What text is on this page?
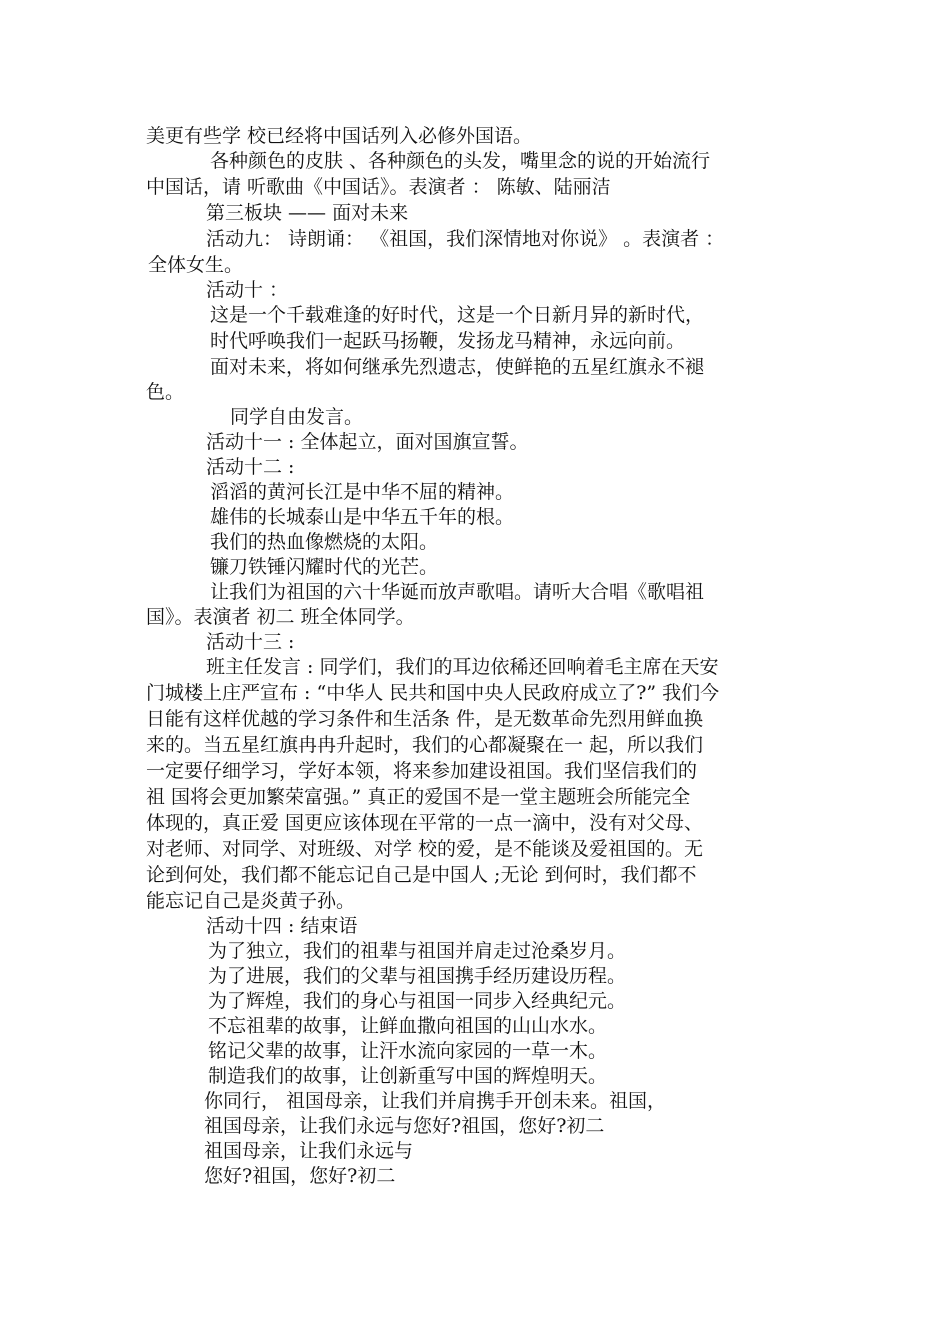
美更有些学 校已经将中国话列入必修外国语。
各种颜色的皮肤 、各种颜色的头发，嘴里念的说的开始流行
中国话，请 听歌曲《中国话》。表演者 ： 陈敏、陆丽洁
第三板块 —— 面对未来
活动九： 诗朗诵： 《祖国，我们深情地对你说》 。表演者 ：
全体女生。
活动十 ：
这是一个千载难逢的好时代，这是一个日新月异的新时代，
时代呼唤我们一起跃马扬鞭，发扬龙马精神，永远向前。
面对未来，将如何继承先烈遗志，使鲜艳的五星红旗永不褪
色。
同学自由发言。
活动十一 : 全体起立，面对国旗宣誓。
活动十二 :
滔滔的黄河长江是中华不屈的精神。
雄伟的长城泰山是中华五千年的根。
我们的热血像燃烧的太阳。
镰刀铁锤闪耀时代的光芒。
让我们为祖国的六十华诞而放声歌唱。请听大合唱《歌唱祖
国》。表演者 初二 班全体同学。
活动十三 :
班主任发言 : 同学们，我们的耳边依稀还回响着毛主席在天安
门城楼上庄严宣布 : “中华人 民共和国中央人民政府成立了?” 我们今
日能有这样优越的学习条件和生活条 件，是无数革命先烈用鲜血换
来的。当五星红旗冉冉升起时，我们的心都凝聚在一 起，所以我们
一定要仔细学习，学好本领，将来参加建设祖国。我们坚信我们的
祖 国将会更加繁荣富强。” 真正的爱国不是一堂主题班会所能完全
体现的，真正爱 国更应该体现在平常的一点一滴中，没有对父母、
对老师、对同学、对班级、对学 校的爱，是不能谈及爱祖国的。无
论到何处，我们都不能忘记自己是中国人 ;无论 到何时，我们都不
能忘记自己是炎黄子孙。
活动十四 : 结束语
为了独立，我们的祖辈与祖国并肩走过沧桑岁月。
为了进展，我们的父辈与祖国携手经历建设历程。
为了辉煌，我们的身心与祖国一同步入经典纪元。
不忘祖辈的故事，让鲜血撒向祖国的山山水水。
铭记父辈的故事，让汗水流向家园的一草一木。
制造我们的故事，让创新重写中国的辉煌明天。
你同行， 祖国母亲，让我们并肩携手开创未来。祖国，
祖国母亲，让我们永远与您好?祖国，您好?初二
祖国母亲，让我们永远与
您好?祖国，您好?初二
